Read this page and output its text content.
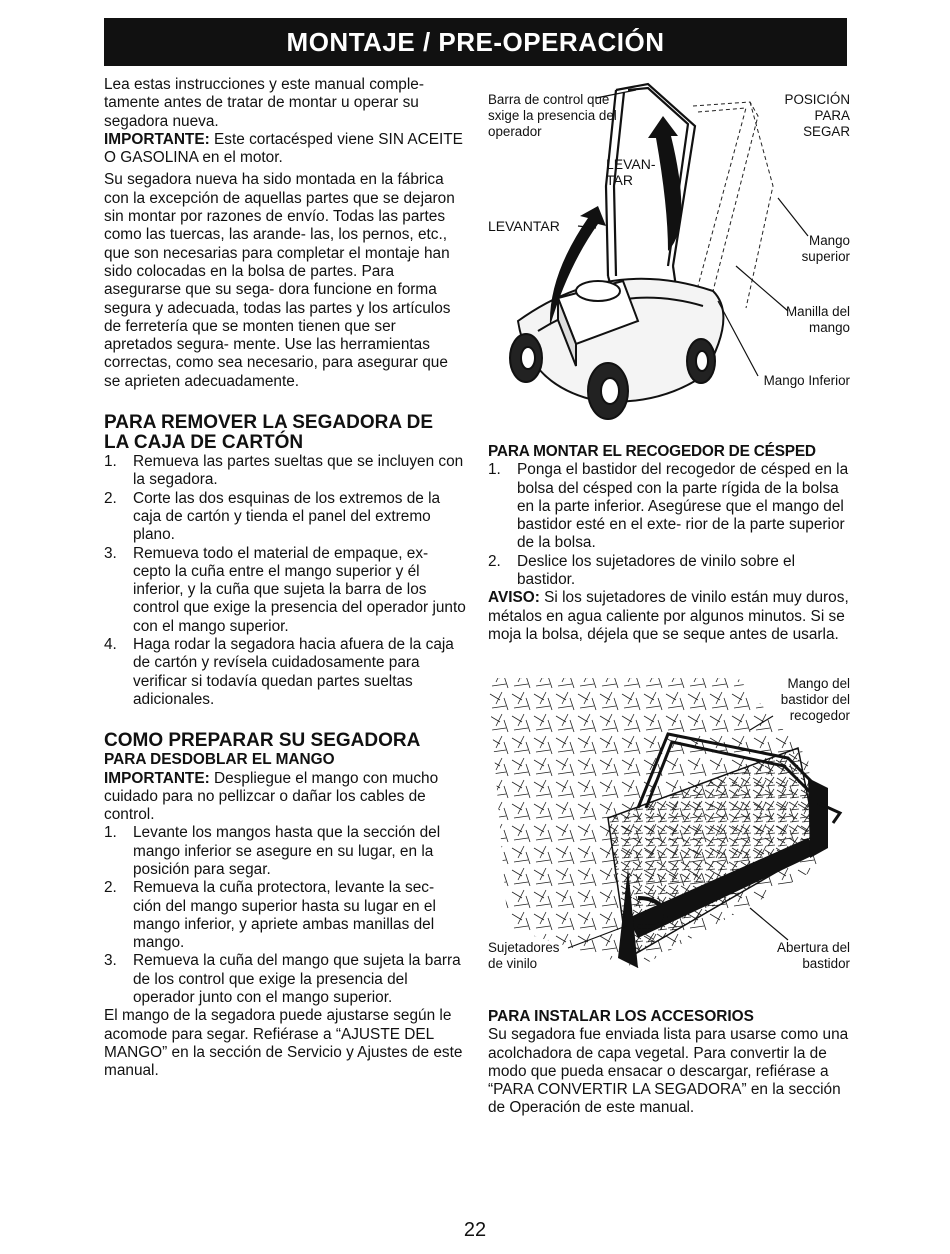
MONTAJE / PRE-OPERACIÓN

Lea estas instrucciones y este manual comple- tamente antes de tratar de montar u operar su segadora nueva.

IMPORTANTE: Este cortacésped viene SIN ACEITE O GASOLINA en el motor.

Su segadora nueva ha sido montada en la fábrica con la excepción de aquellas partes que se dejaron sin montar por razones de envío. Todas las partes como las tuercas, las arande- las, los pernos, etc., que son necesarias para completar el montaje han sido colocadas en la bolsa de partes. Para asegurarse que su sega- dora funcione en forma segura y adecuada, todas las partes y los artículos de ferretería que se monten tienen que ser apretados segura- mente. Use las herramientas correctas, como sea necesario, para asegurar que se aprieten adecuadamente.

PARA REMOVER LA SEGADORA DE

LA CAJA DE CARTÓN

1. Remueva las partes sueltas que se incluyen con la segadora.
2. Corte las dos esquinas de los extremos de la caja de cartón y tienda el panel del extremo plano.
3. Remueva todo el material de empaque, ex- cepto la cuña entre el mango superior y él inferior, y la cuña que sujeta la barra de los control que exige la presencia del operador junto con el mango superior.
4. Haga rodar la segadora hacia afuera de la caja de cartón y revísela cuidadosamente para verificar si todavía quedan partes sueltas adicionales.

COMO PREPARAR SU SEGADORA

PARA DESDOBLAR EL MANGO

IMPORTANTE: Despliegue el mango con mucho cuidado para no pellizcar o dañar los cables de control.

1. Levante los mangos hasta que la sección del mango inferior se asegure en su lugar, en la posición para segar.
2. Remueva la cuña protectora, levante la sec- ción del mango superior hasta su lugar en el mango inferior, y apriete ambas manillas del mango.
3. Remueva la cuña del mango que sujeta la barra de los control que exige la presencia del operador junto con el mango superior.

El mango de la segadora puede ajustarse según le acomode para segar. Refiérase a “AJUSTE DEL MANGO” en la sección de Servicio y Ajustes de este manual.

Barra de control que sxige la presencia del operador
POSICIÓN PARA SEGAR
LEVAN- TAR
LEVANTAR
Mango superior
Manilla del mango
Mango Inferior

PARA MONTAR EL RECOGEDOR DE CÉSPED

1. Ponga el bastidor del recogedor de césped en la bolsa del césped con la parte rígida de la bolsa en la parte inferior. Asegúrese que el mango del bastidor esté en el exte- rior de la parte superior de la bolsa.
2. Deslice los sujetadores de vinilo sobre el bastidor.

AVISO: Si los sujetadores de vinilo están muy duros, métalos en agua caliente por algunos minutos. Si se moja la bolsa, déjela que se seque antes de usarla.

Mango del bastidor del recogedor
Sujetadores de vinilo
Abertura del bastidor

PARA INSTALAR LOS ACCESORIOS

Su segadora fue enviada lista para usarse como una acolchadora de capa vegetal. Para convertir la de modo que pueda ensacar o descargar, refiérase a “PARA CONVERTIR LA SEGADORA” en la sección de Operación de este manual.

22
